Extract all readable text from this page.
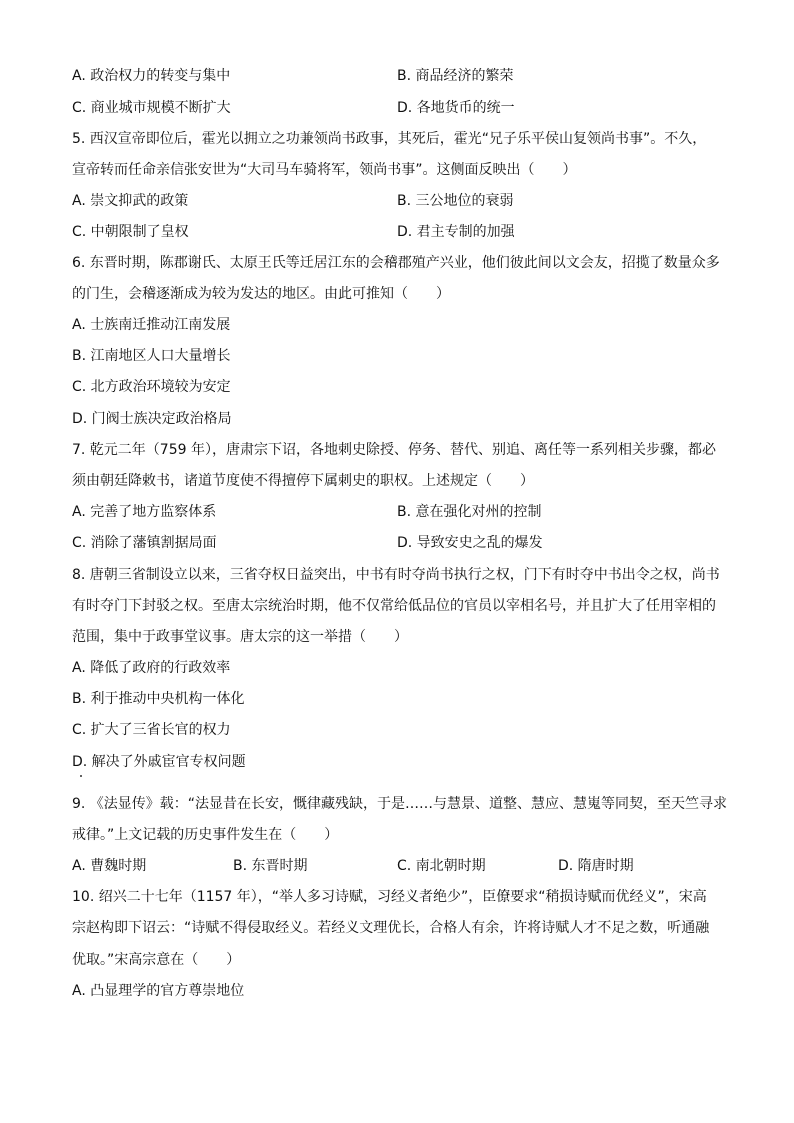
A. 政治权力的转变与集中	B. 商品经济的繁荣
C. 商业城市规模不断扩大	D. 各地货币的统一
5. 西汉宣帝即位后，霍光以拥立之功兼领尚书政事，其死后，霍光“兄子乐平侯山复领尚书事”。不久，
宣帝转而任命亲信张安世为“大司马车骑将军，领尚书事”。这侧面反映出（　　）
A. 崇文抑武的政策	B. 三公地位的衰弱
C. 中朝限制了皇权	D. 君主专制的加强
6. 东晋时期，陈郡谢氏、太原王氏等迁居江东的会稽郡殖产兴业，他们彼此间以文会友，招揽了数量众多
的门生，会稽逐渐成为较为发达的地区。由此可推知（　　）
A. 士族南迁推动江南发展
B. 江南地区人口大量增长
C. 北方政治环境较为安定
D. 门阀士族决定政治格局
7. 乾元二年（759 年），唐肃宗下诏，各地刺史除授、停务、替代、别追、离任等一系列相关步骤，都必
须由朝廷降敕书，诸道节度使不得擅停下属刺史的职权。上述规定（　　）
A. 完善了地方监察体系	B. 意在强化对州的控制
C. 消除了藩镇割据局面	D. 导致安史之乱的爆发
8. 唐朝三省制设立以来，三省夺权日益突出，中书有时夺尚书执行之权，门下有时夺中书出令之权，尚书
有时夺门下封驳之权。至唐太宗统治时期，他不仅常给低品位的官员以宰相名号，并且扩大了任用宰相的
范围，集中于政事堂议事。唐太宗的这一举措（　　）
A. 降低了政府的行政效率
B. 利于推动中央机构一体化
C. 扩大了三省长官的权力
D. 解决了外戚宦官专权问题
9. 《法显传》载：“法显昔在长安，慨律藏残缺，于是……与慧景、道整、慧应、慧嵬等同契，至天竺寻求
戒律。”上文记载的历史事件发生在（　　）
A. 曹魏时期	B. 东晋时期	C. 南北朝时期	D. 隋唐时期
10. 绍兴二十七年（1157 年），“举人多习诗赋，习经义者绝少”，臣僚要求“稍损诗赋而优经义”，宋高
宗赵构即下诏云：“诗赋不得侵取经义。若经义文理优长，合格人有余，许将诗赋人才不足之数，听通融
优取。”宋高宗意在（　　）
A. 凸显理学的官方尊崇地位
